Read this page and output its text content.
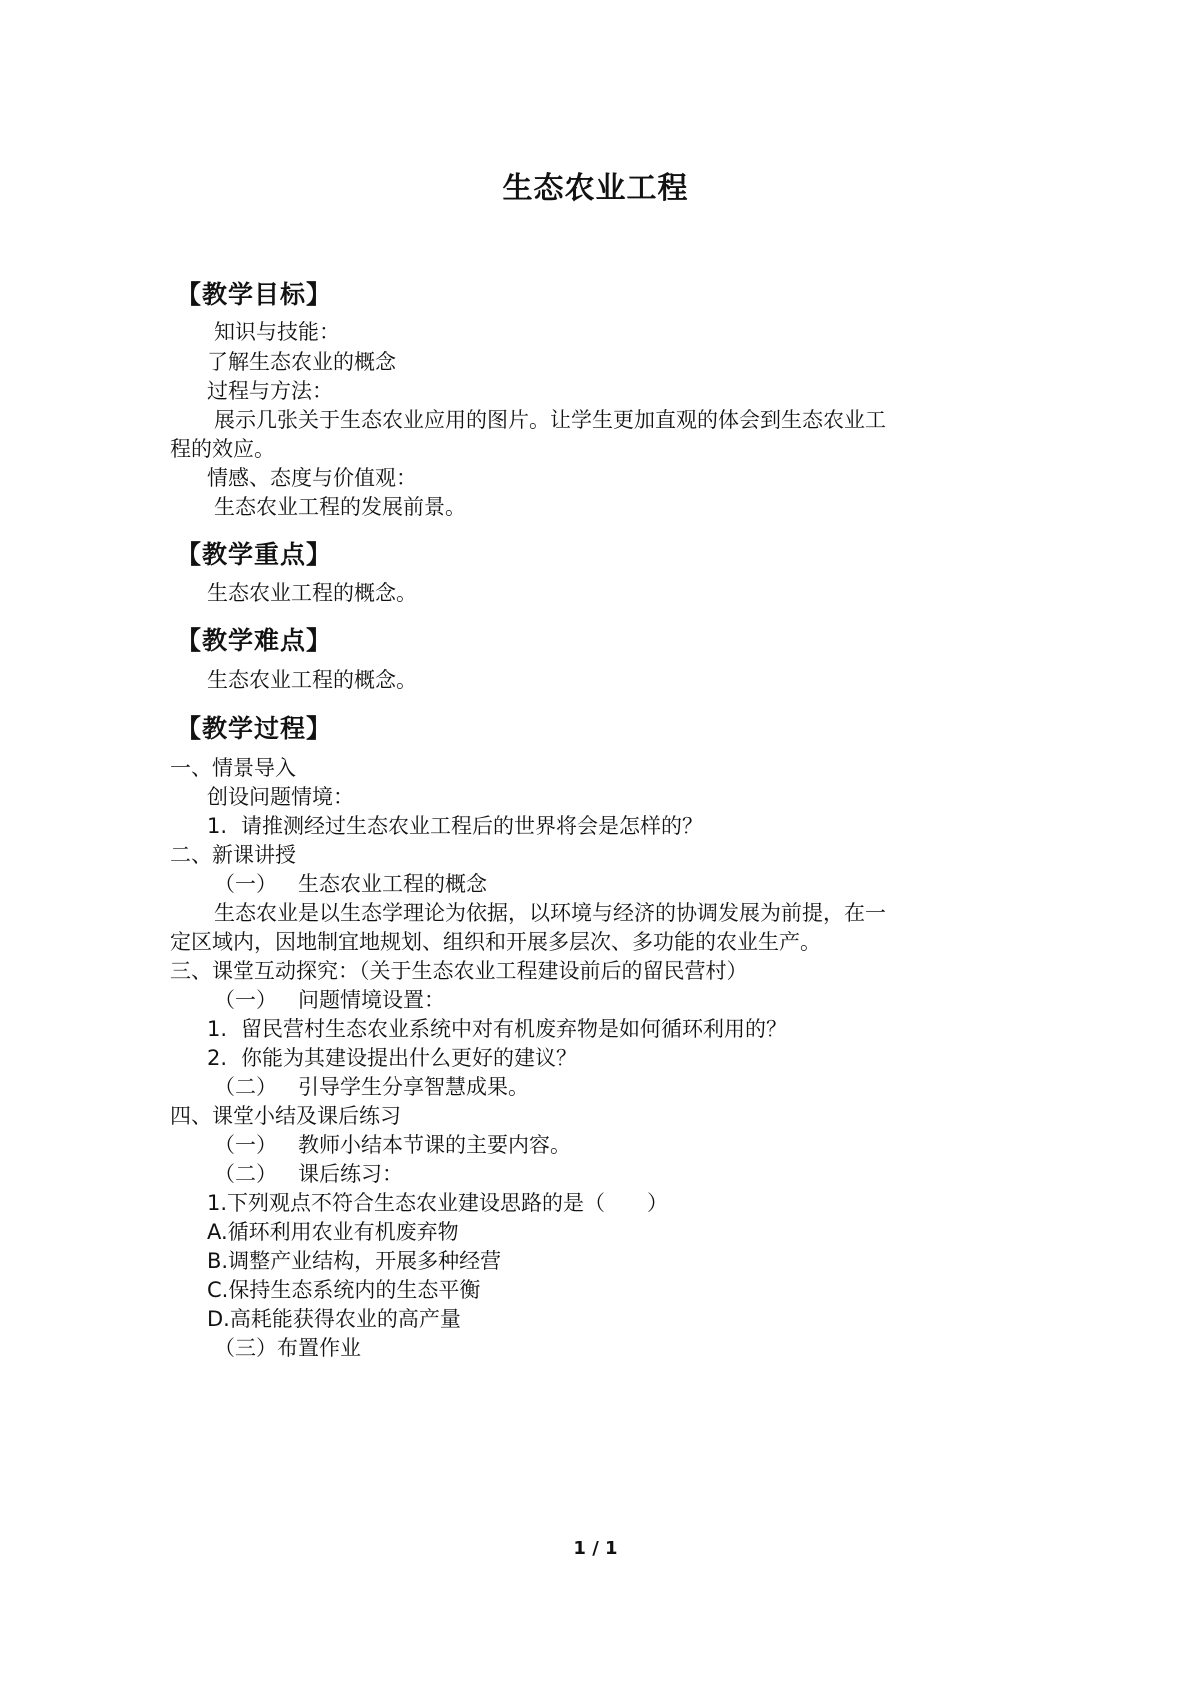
生态农业工程
【教学目标】
知识与技能：
了解生态农业的概念
过程与方法：
展示几张关于生态农业应用的图片。让学生更加直观的体会到生态农业工
程的效应。
情感、态度与价值观：
生态农业工程的发展前景。
【教学重点】
生态农业工程的概念。
【教学难点】
生态农业工程的概念。
【教学过程】
一、情景导入
创设问题情境：
1. 请推测经过生态农业工程后的世界将会是怎样的？
二、新课讲授
（一） 生态农业工程的概念
生态农业是以生态学理论为依据，以环境与经济的协调发展为前提，在一
定区域内，因地制宜地规划、组织和开展多层次、多功能的农业生产。
三、课堂互动探究：（关于生态农业工程建设前后的留民营村）
（一） 问题情境设置：
1. 留民营村生态农业系统中对有机废弃物是如何循环利用的？
2. 你能为其建设提出什么更好的建议？
（二） 引导学生分享智慧成果。
四、课堂小结及课后练习
（一） 教师小结本节课的主要内容。
（二） 课后练习：
1.下列观点不符合生态农业建设思路的是（　　）
A.循环利用农业有机废弃物
B.调整产业结构，开展多种经营
C.保持生态系统内的生态平衡
D.高耗能获得农业的高产量
（三）布置作业
1 / 1
